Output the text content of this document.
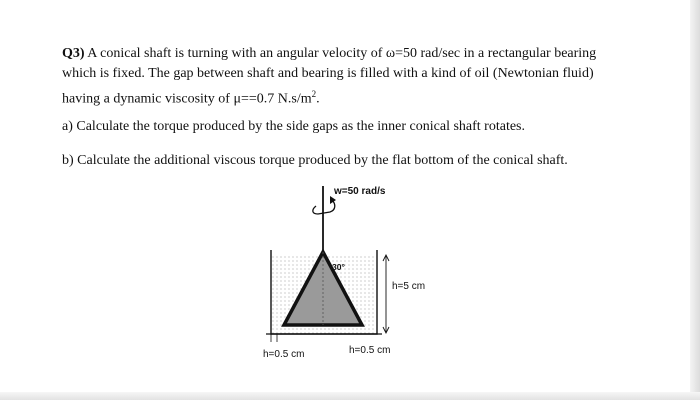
Q3) A conical shaft is turning with an angular velocity of ω=50 rad/sec in a rectangular bearing
which is fixed. The gap between shaft and bearing is filled with a kind of oil (Newtonian fluid)
having a dynamic viscosity of μ==0.7 $N.s/m^2$.

a) Calculate the torque produced by the side gaps as the inner conical shaft rotates.

b) Calculate the additional viscous torque produced by the flat bottom of the conical shaft.

w=50 rad/s
30°
h=5 cm
h=0.5 cm	h=0.5 cm
